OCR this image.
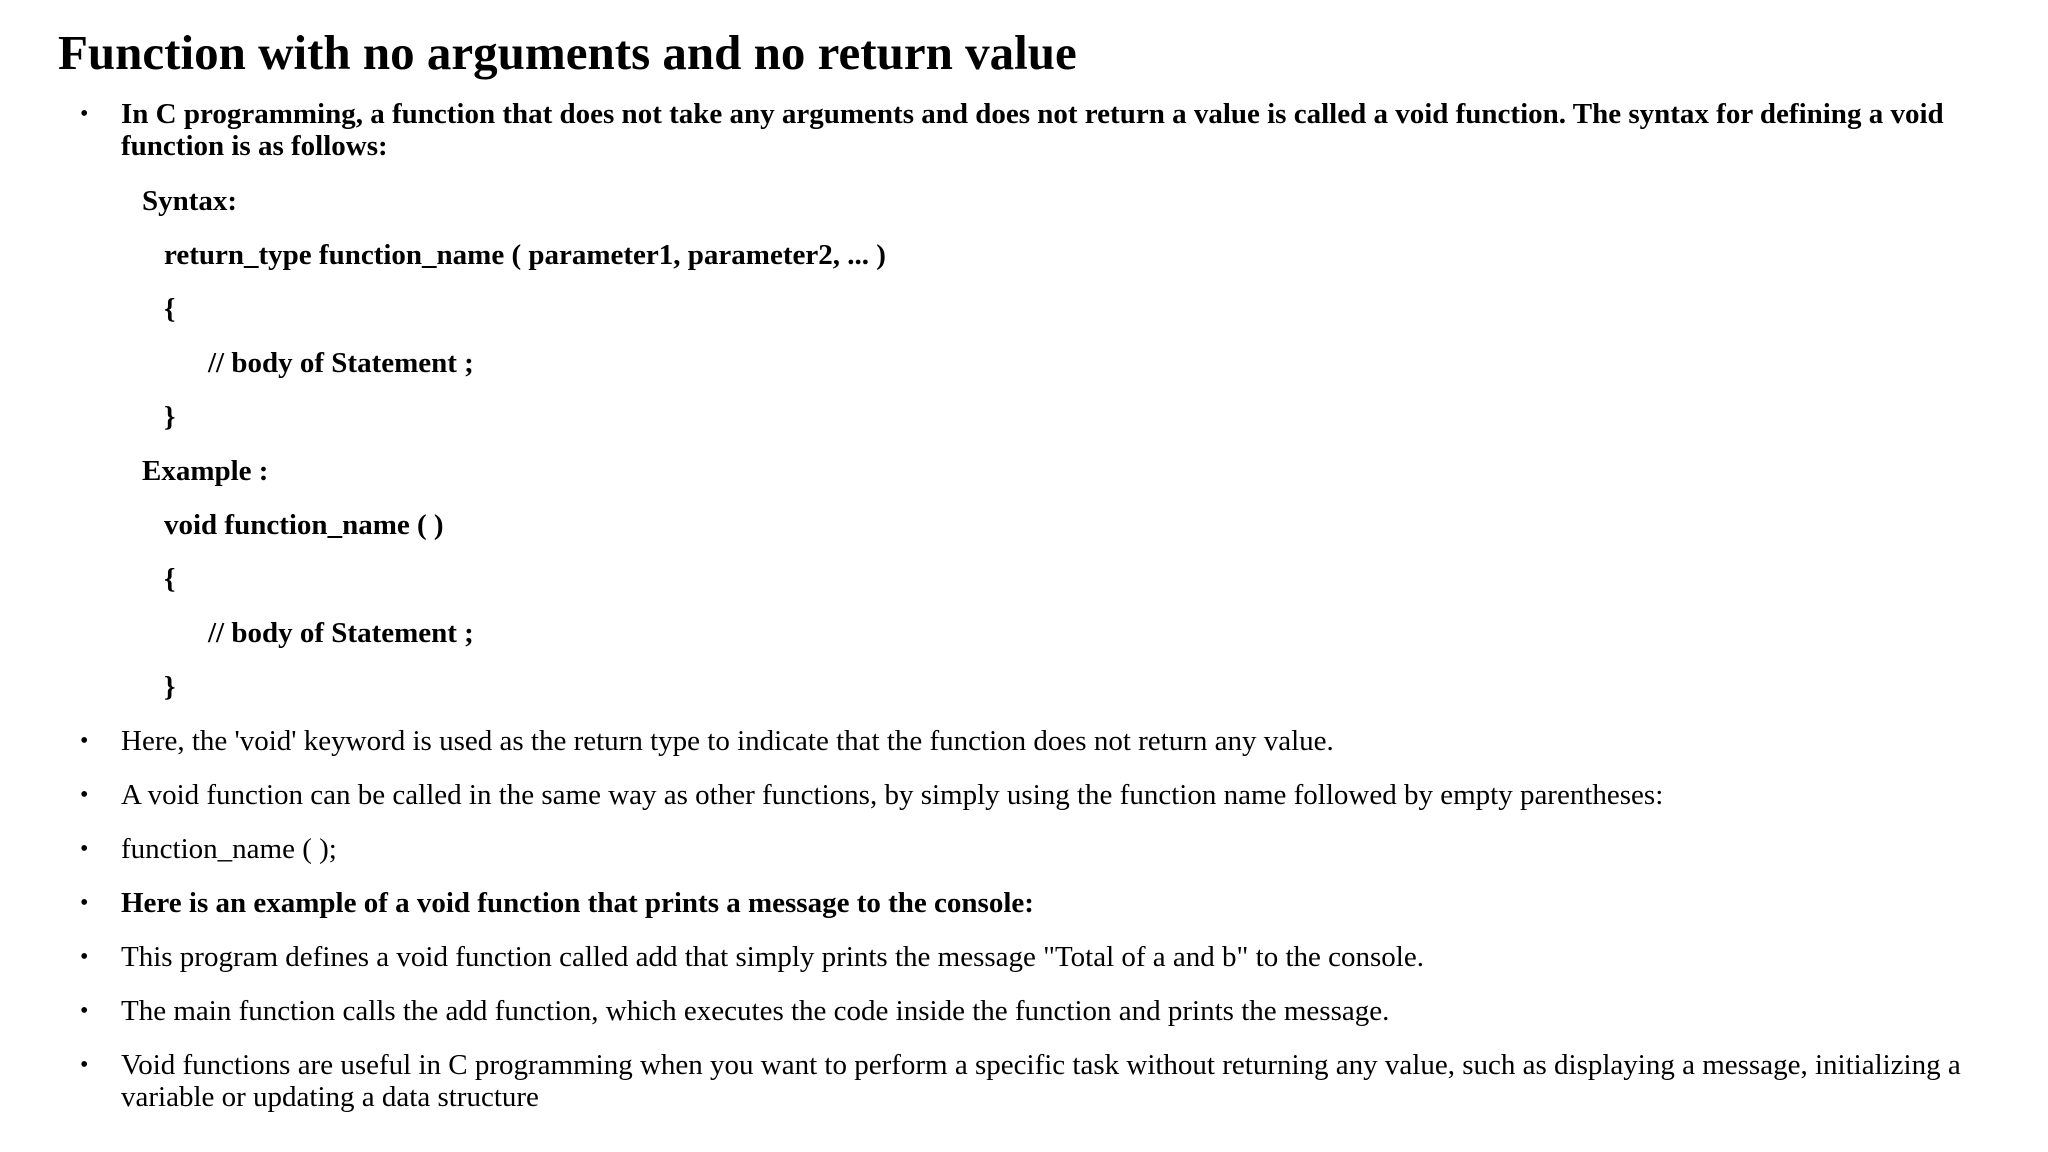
Function with no arguments and no return value
• In C programming, a function that does not take any arguments and does not return a value is called a void function. The syntax for defining a void function is as follows:
Syntax:
return_type function_name ( parameter1, parameter2, ... )
{
// body of Statement ;
}
Example :
void function_name ( )
{
// body of Statement ;
}
• Here, the 'void' keyword is used as the return type to indicate that the function does not return any value.
• A void function can be called in the same way as other functions, by simply using the function name followed by empty parentheses:
• function_name ( );
• Here is an example of a void function that prints a message to the console:
• This program defines a void function called add that simply prints the message "Total of a and b" to the console.
• The main function calls the add function, which executes the code inside the function and prints the message.
• Void functions are useful in C programming when you want to perform a specific task without returning any value, such as displaying a message, initializing a variable or updating a data structure
